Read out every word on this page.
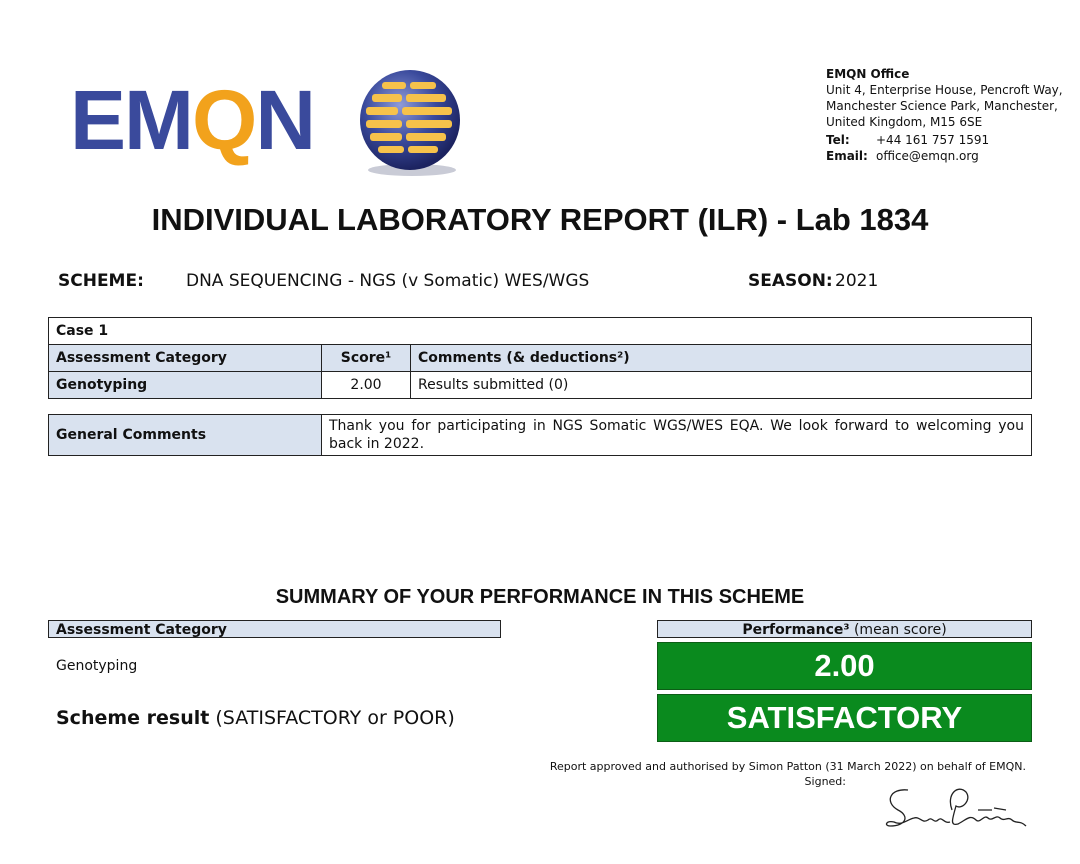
EMQN	EMQN Office
Unit 4, Enterprise House, Pencroft Way, Manchester Science Park, Manchester, United Kingdom, M15 6SE
Tel:	+44 161 757 1591
Email: office@emqn.org
INDIVIDUAL LABORATORY REPORT (ILR) - Lab 1834
SCHEME: DNA SEQUENCING - NGS (v Somatic) WES/WGS	SEASON: 2021
Case 1		
Assessment Category	Score¹	Comments (& deductions²)
Genotyping	2.00	Results submitted (0)
General Comments	Thank you for participating in NGS Somatic WGS/WES EQA. We look forward to welcoming you back in 2022.
SUMMARY OF YOUR PERFORMANCE IN THIS SCHEME
Assessment Category	Performance³ (mean score)
Genotyping	2.00
Scheme result (SATISFACTORY or POOR)	SATISFACTORY
Report approved and authorised by Simon Patton (31 March 2022) on behalf of EMQN.
Signed:
